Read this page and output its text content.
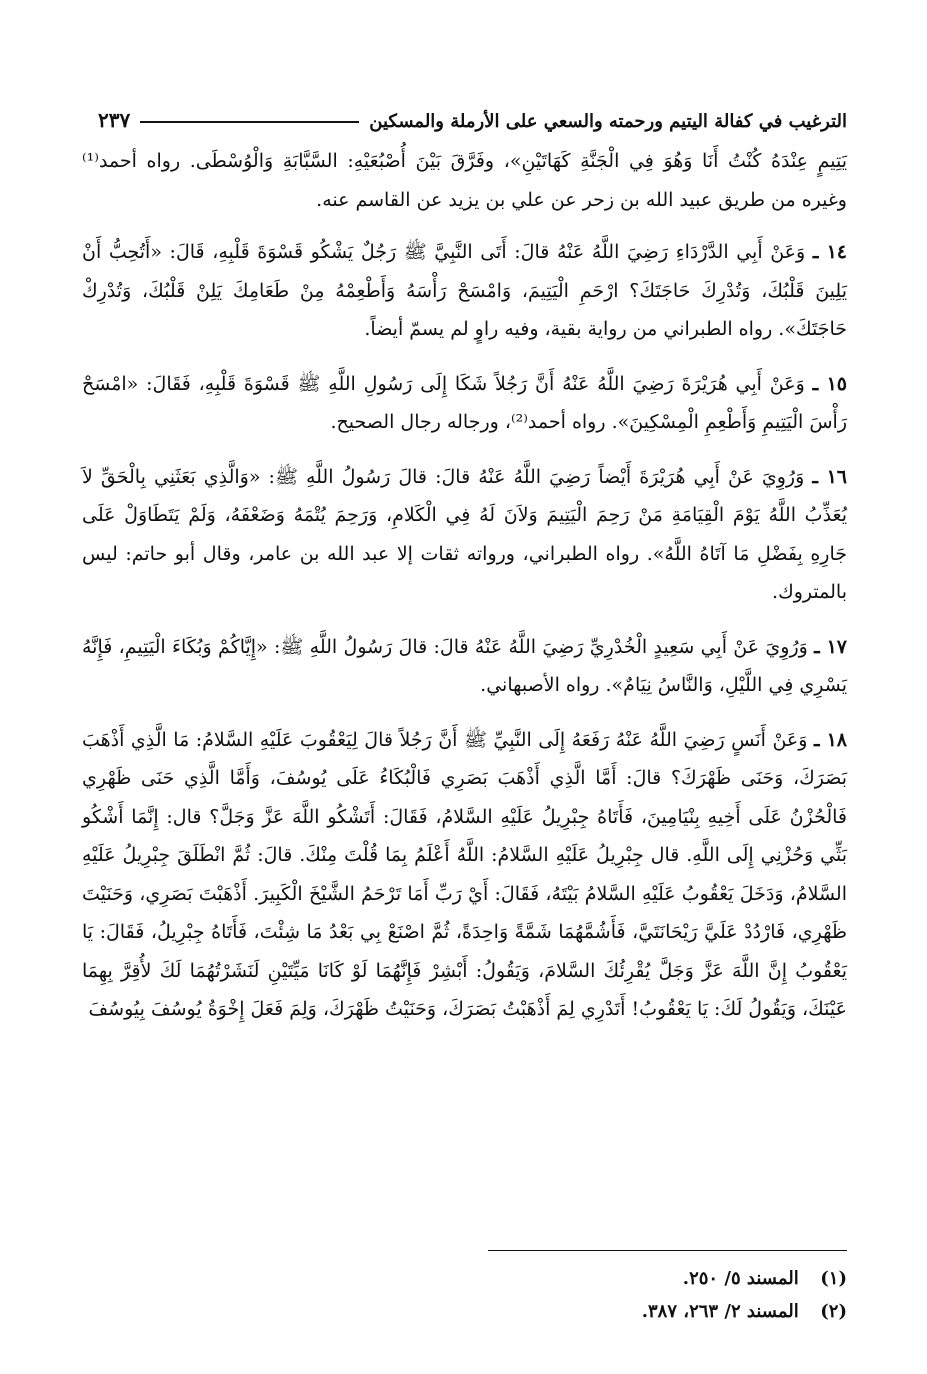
الترغيب في كفالة اليتيم ورحمته والسعي على الأرملة والمسكين
٢٣٧

يَتِيمٍ عِنْدَهُ كُنْتُ أَنَا وَهُوَ فِي الْجَنَّةِ كَهَاتَيْنِ»، وفَرَّقَ بَيْنَ أُصْبُعَيْهِ: السَّبَّابَةِ وَالْوُسْطَى. رواه أحمد⁽¹⁾ وغيره من طريق عبيد الله بن زحر عن علي بن يزيد عن القاسم عنه.

١٤ ـ وَعَنْ أَبِي الدَّرْدَاءِ رَضِيَ اللَّهُ عَنْهُ قالَ: أَتَى النَّبِيَّ ﷺ رَجُلٌ يَشْكُو قَسْوَةَ قَلْبِهِ، قَالَ: «أَتُحِبُّ أَنْ يَلِينَ قَلْبُكَ، وَتُدْرِكَ حَاجَتَكَ؟ ارْحَمِ الْيَتِيمَ، وَامْسَحْ رَأْسَهُ وَأَطْعِمْهُ مِنْ طَعَامِكَ يَلِنْ قَلْبُكَ، وَتُدْرِكْ حَاجَتَكَ». رواه الطبراني من رواية بقية، وفيه راوٍ لم يسمّ أيضاً.

١٥ ـ وَعَنْ أَبِي هُرَيْرَةَ رَضِيَ اللَّهُ عَنْهُ أَنَّ رَجُلاً شَكَا إِلَى رَسُولِ اللَّهِ ﷺ قَسْوَةَ قَلْبِهِ، فَقَالَ: «امْسَحْ رَأْسَ الْيَتِيمِ وَأَطْعِمِ الْمِسْكِينَ». رواه أحمد⁽²⁾، ورجاله رجال الصحيح.

١٦ ـ وَرُوِيَ عَنْ أَبِي هُرَيْرَةَ أَيْضاً رَضِيَ اللَّهُ عَنْهُ قالَ: قالَ رَسُولُ اللَّهِ ﷺ: «وَالَّذِي بَعَثَنِي بِالْحَقِّ لاَ يُعَذِّبُ اللَّهُ يَوْمَ الْقِيَامَةِ مَنْ رَحِمَ الْيَتِيمَ وَلاَنَ لَهُ فِي الْكَلامِ، وَرَحِمَ يُتْمَهُ وَضَعْفَهُ، وَلَمْ يَتَطَاوَلْ عَلَى جَارِهِ بِفَضْلِ مَا آتَاهُ اللَّهُ». رواه الطبراني، ورواته ثقات إلا عبد الله بن عامر، وقال أبو حاتم: ليس بالمتروك.

١٧ ـ وَرُوِيَ عَنْ أَبِي سَعِيدٍ الْخُدْرِيِّ رَضِيَ اللَّهُ عَنْهُ قالَ: قالَ رَسُولُ اللَّهِ ﷺ: «إِيَّاكُمْ وَبُكَاءَ الْيَتِيمِ، فَإِنَّهُ يَسْرِي فِي اللَّيْلِ، وَالنَّاسُ نِيَامٌ». رواه الأصبهاني.

١٨ ـ وَعَنْ أَنَسٍ رَضِيَ اللَّهُ عَنْهُ رَفَعَهُ إِلَى النَّبِيِّ ﷺ أَنَّ رَجُلاً قالَ لِيَعْقُوبَ عَلَيْهِ السَّلامُ: مَا الَّذِي أَذْهَبَ بَصَرَكَ، وَحَنَى ظَهْرَكَ؟ قالَ: أَمَّا الَّذِي أَذْهَبَ بَصَرِي فَالْبُكَاءُ عَلَى يُوسُفَ، وَأَمَّا الَّذِي حَنَى ظَهْرِي فَالْحُزْنُ عَلَى أَخِيهِ بِنْيَامِينَ، فَأَتَاهُ جِبْرِيلُ عَلَيْهِ السَّلامُ، فَقَالَ: أَتَشْكُو اللَّهَ عَزَّ وَجَلَّ؟ قال: إِنَّمَا أَشْكُو بَثِّي وَحُزْنِي إِلَى اللَّهِ. قال جِبْرِيلُ عَلَيْهِ السَّلامُ: اللَّهُ أَعْلَمُ بِمَا قُلْتَ مِنْكَ. قالَ: ثُمَّ انْطَلَقَ جِبْرِيلُ عَلَيْهِ السَّلامُ، وَدَخَلَ يَعْقُوبُ عَلَيْهِ السَّلامُ بَيْتَهُ، فَقَالَ: أَيْ رَبِّ أَمَا تَرْحَمُ الشَّيْخَ الْكَبِيرَ. أَذْهَبْتَ بَصَرِي، وَحَنَيْتَ ظَهْرِي، فَارْدُدْ عَلَيَّ رَيْحَانَتَيَّ، فَأَشُمَّهُمَا شَمَّةً وَاحِدَةً، ثُمَّ اصْنَعْ بِي بَعْدُ مَا شِئْتَ، فَأَتَاهُ جِبْرِيلُ، فَقَالَ: يَا يَعْقُوبُ إِنَّ اللَّهَ عَزَّ وَجَلَّ يُقْرِئُكَ السَّلامَ، وَيَقُولُ: أَبْشِرْ فَإِنَّهُمَا لَوْ كَانَا مَيِّتَيْنِ لَنَشَرْتُهُمَا لَكَ لأُقِرَّ بِهِمَا عَيْنَكَ، وَيَقُولُ لَكَ: يَا يَعْقُوبُ! أَتَدْرِي لِمَ أَذْهَبْتُ بَصَرَكَ، وَحَنَيْتُ ظَهْرَكَ، وَلِمَ فَعَلَ إِخْوَةُ يُوسُفَ بِيُوسُفَ

(١) المسند ٥/ ٢٥٠.
(٢) المسند ٢/ ٢٦٣، ٣٨٧.
